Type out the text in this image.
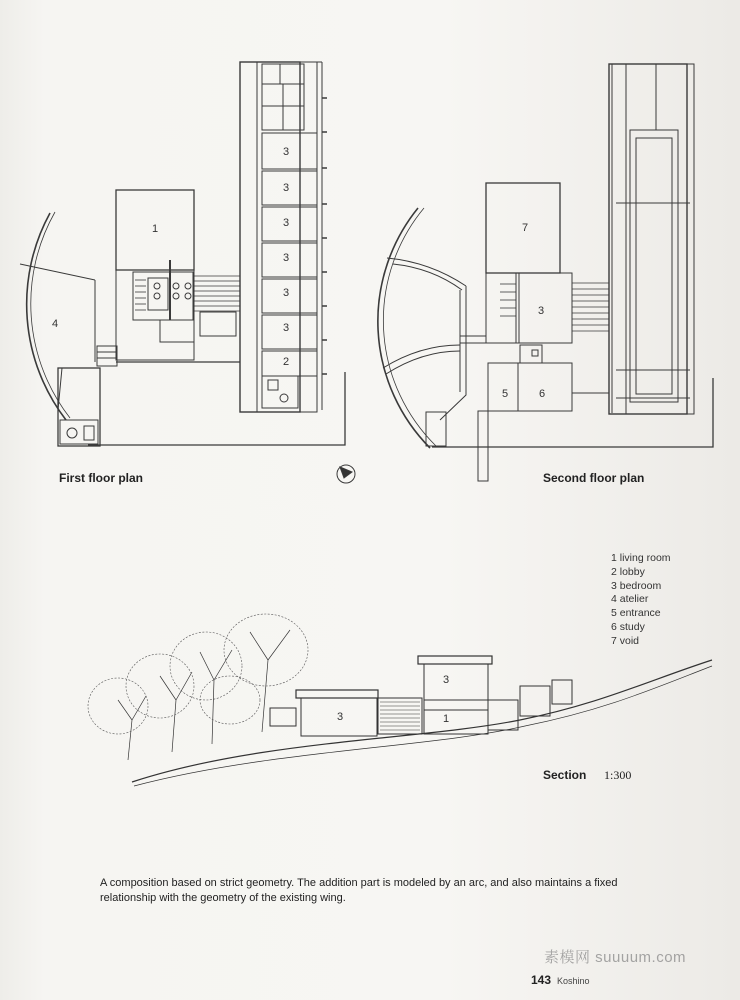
1
3
3
3
3
3
3
2
4
7
3
5	6
3
3
1
First floor plan	Second floor plan
1 living room
2 lobby
3 bedroom
4 atelier
5 entrance
6 study
7 void
Section 1:300

A composition based on strict geometry. The addition part is modeled by an arc, and also maintains a fixed relationship with the geometry of the existing wing.

素模网 suuuum.com
143 Koshino
